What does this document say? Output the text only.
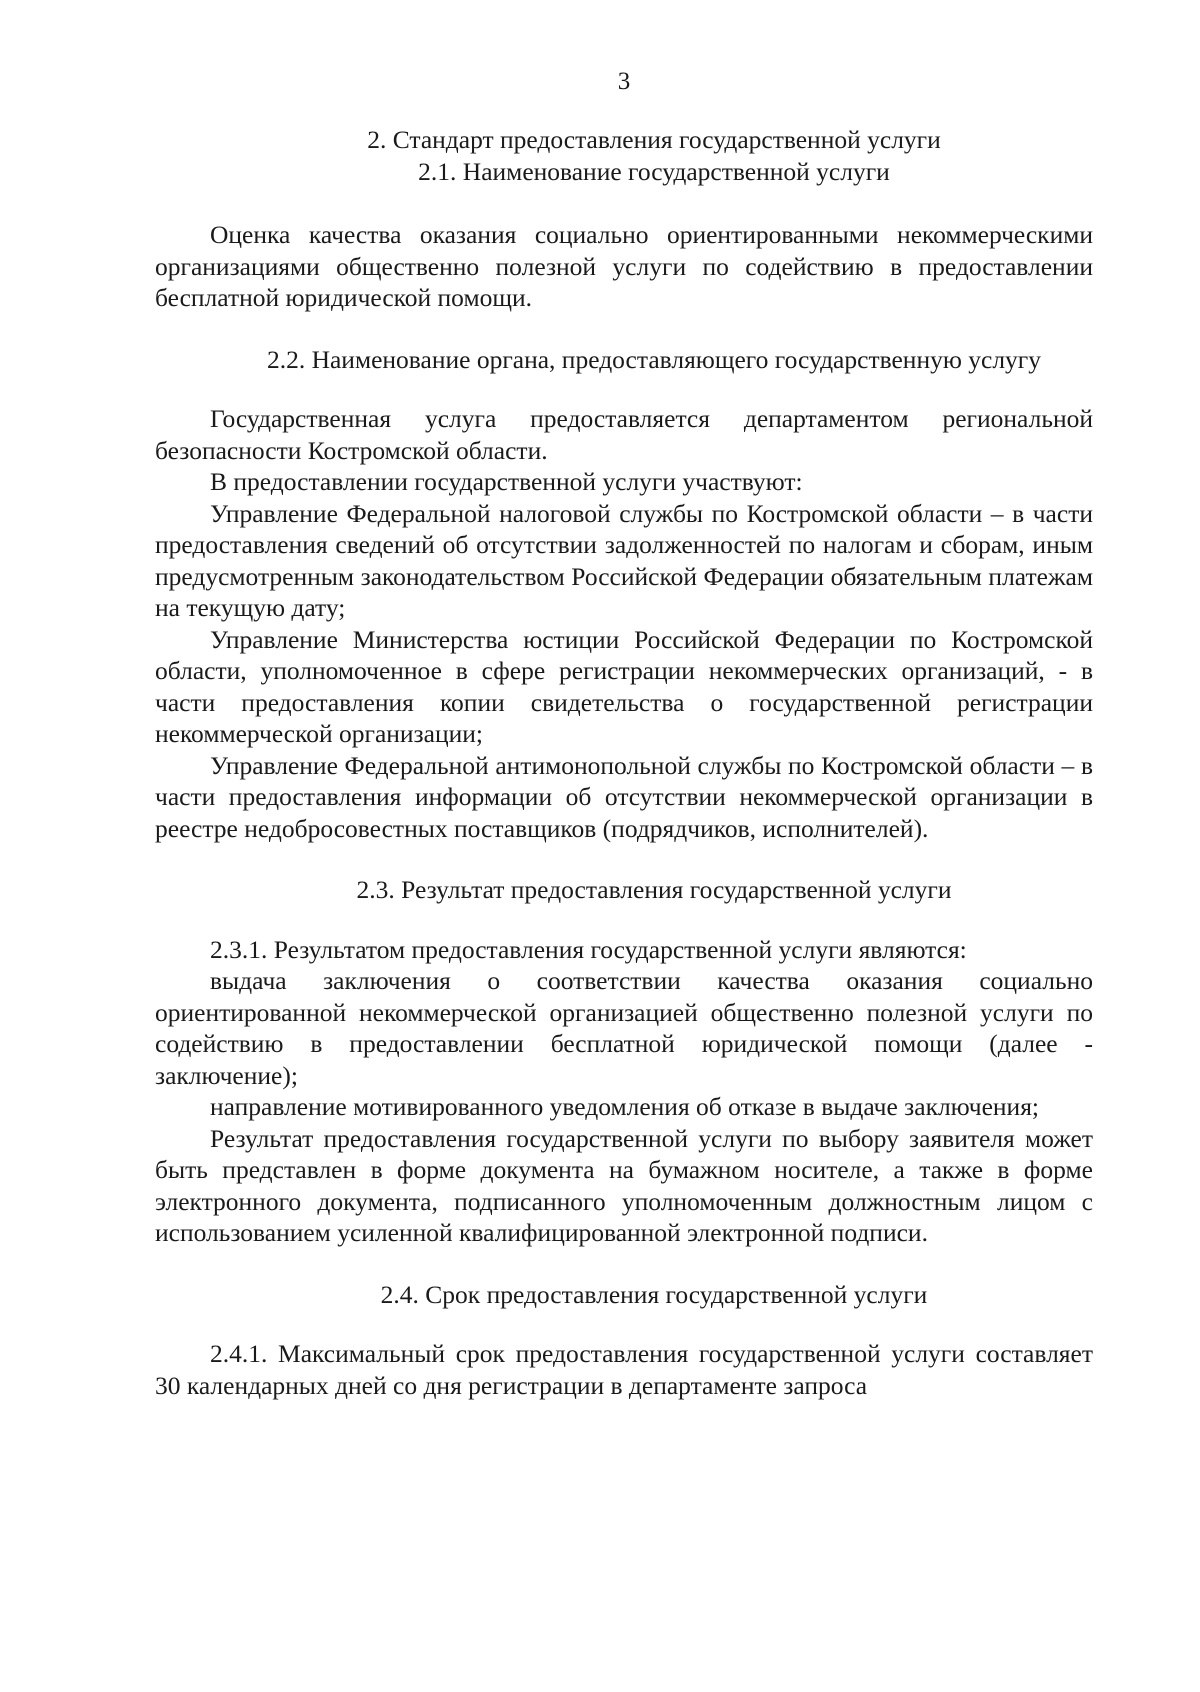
3

2. Стандарт предоставления государственной услуги

2.1. Наименование государственной услуги

Оценка качества оказания социально ориентированными некоммерческими организациями общественно полезной услуги по содействию в предоставлении бесплатной юридической помощи.

2.2. Наименование органа, предоставляющего государственную услугу

Государственная услуга предоставляется департаментом региональной безопасности Костромской области.

В предоставлении государственной услуги участвуют:

Управление Федеральной налоговой службы по Костромской области – в части предоставления сведений об отсутствии задолженностей по налогам и сборам, иным предусмотренным законодательством Российской Федерации обязательным платежам на текущую дату;

Управление Министерства юстиции Российской Федерации по Костромской области, уполномоченное в сфере регистрации некоммерческих организаций, - в части предоставления копии свидетельства о государственной регистрации некоммерческой организации;

Управление Федеральной антимонопольной службы по Костромской области – в части предоставления информации об отсутствии некоммерческой организации в реестре недобросовестных поставщиков (подрядчиков, исполнителей).

2.3. Результат предоставления государственной услуги

2.3.1. Результатом предоставления государственной услуги являются:

выдача заключения о соответствии качества оказания социально ориентированной некоммерческой организацией общественно полезной услуги по содействию в предоставлении бесплатной юридической помощи (далее - заключение);

направление мотивированного уведомления об отказе в выдаче заключения;

Результат предоставления государственной услуги по выбору заявителя может быть представлен в форме документа на бумажном носителе, а также в форме электронного документа, подписанного уполномоченным должностным лицом с использованием усиленной квалифицированной электронной подписи.

2.4. Срок предоставления государственной услуги

2.4.1. Максимальный срок предоставления государственной услуги составляет 30 календарных дней со дня регистрации в департаменте запроса
